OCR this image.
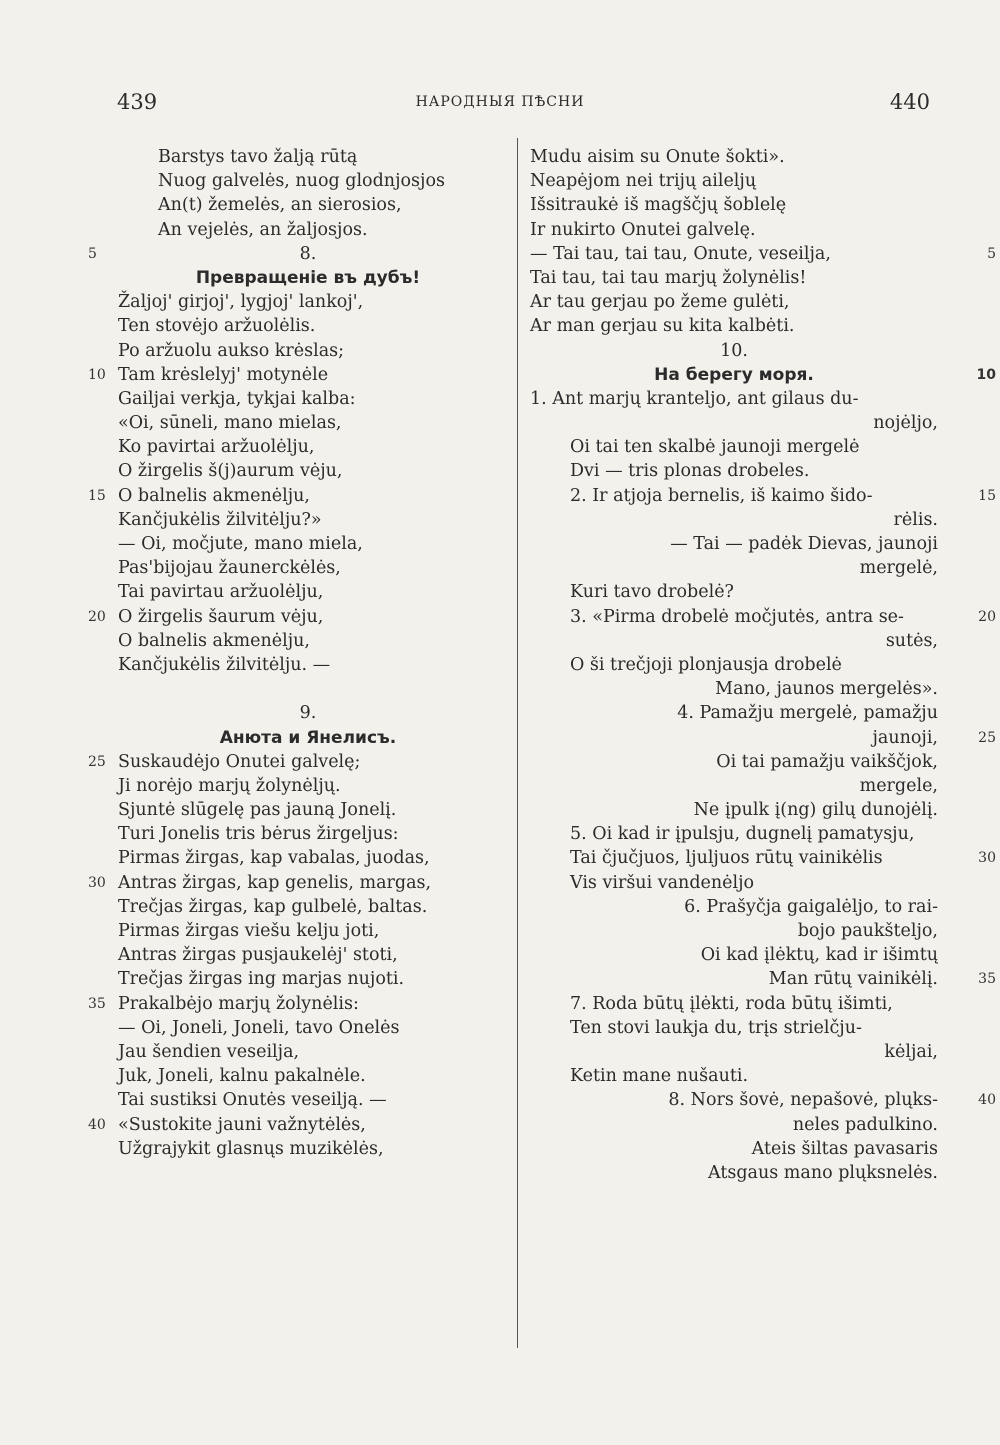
439	НАРОДНЫЯ ПѢСНИ	440
Barstys tavo žalją rūtą
Nuog galvelės, nuog glodnjosjos
An(t) žemelės, an sierosios,
An vejelės, an žaljosjos.
8.
5
Превращеніе въ дубъ!
Žaljoj' girjoj', lygjoj' lankoj',
Ten stovėjo aržuolėlis.
Po aržuolu aukso krėslas;
Tam krėslelyj' motynėle
10
Gailjai verkja, tykjai kalba:
«Oi, sūneli, mano mielas,
Ko pavirtai aržuolėlju,
O žirgelis š(j)aurum vėju,
O balnelis akmenėlju,
15
Kančjukėlis žilvitėlju?»
— Oi, močjute, mano miela,
Pas'bijojau žaunerckėlės,
Tai pavirtau aržuolėlju,
O žirgelis šaurum vėju,
20
O balnelis akmenėlju,
Kančjukėlis žilvitėlju. —
9.
Анюта и Янелисъ.
Suskaudėjo Onutei galvelę;
25
Ji norėjo marjų žolynėljų.
Sjuntė slūgelę pas jauną Jonelį.
Turi Jonelis tris bėrus žirgeljus:
Pirmas žirgas, kap vabalas, juodas,
Antras žirgas, kap genelis, margas,
30
Trečjas žirgas, kap gulbelė, baltas.
Pirmas žirgas viešu kelju joti,
Antras žirgas pusjaukelėj' stoti,
Trečjas žirgas ing marjas nujoti.
Prakalbėjo marjų žolynėlis:
35
— Oi, Joneli, Joneli, tavo Onelės
Jau šendien veseilja,
Juk, Joneli, kalnu pakalnėle.
Tai sustiksi Onutės veseilją. —
«Sustokite jauni važnytėlės,
40
Užgrajykit glasnųs muzikėlės,
Mudu aisim su Onute šokti».
Neapėjom nei trijų ailelјų
Išsitraukė iš magščjų šoblelę
Ir nukirto Onutei galvelę.
— Tai tau, tai tau, Onute, veseilja,	5
Tai tau, tai tau marjų žolynėlis!
Ar tau gerjau po žeme gulėti,
Ar man gerjau su kita kalbėti.
10.
На берегу моря.	10
1. Ant marjų krantelјo, ant gilaus du-
nojėljo,
Oi tai ten skalbė jaunoji mergelė
Dvi — tris plonas drobeles.
2. Ir atjoja bernelis, iš kaimo šido-	15
rėlis.
— Tai — padėk Dievas, jaunoji
mergelė,
Kuri tavo drobelė?
3. «Pirma drobelė močjutės, antra se-	20
sutės,
O ši trečjoji plonjausja drobelė
Mano, jaunos mergelės».
4. Pamažju mergelė, pamažju
jaunoji,	25
Oi tai pamažju vaikščjok,
mergele,
Ne įpulk į(ng) gilų dunojėlį.
5. Oi kad ir įpulsju, dugnelį pamatysju,
Tai čjučjuos, ljuljuos rūtų vainikėlis	30
Vis viršui vandenėljo
6. Prašyčja gaigalėljo, to rai-
bojo paukštelјo,
Oi kad įlėktų, kad ir išimtų
Man rūtų vainikėlį.	35
7. Roda būtų įlėkti, roda būtų išimti,
Ten stovi laukja du, trįs strielčju-
kėljai,
Ketin mane nušauti.
8. Nors šovė, nepašovė, plųks-	40
neles padulkino.
Ateis šiltas pavasaris
Atsgaus mano plųksnelės.
